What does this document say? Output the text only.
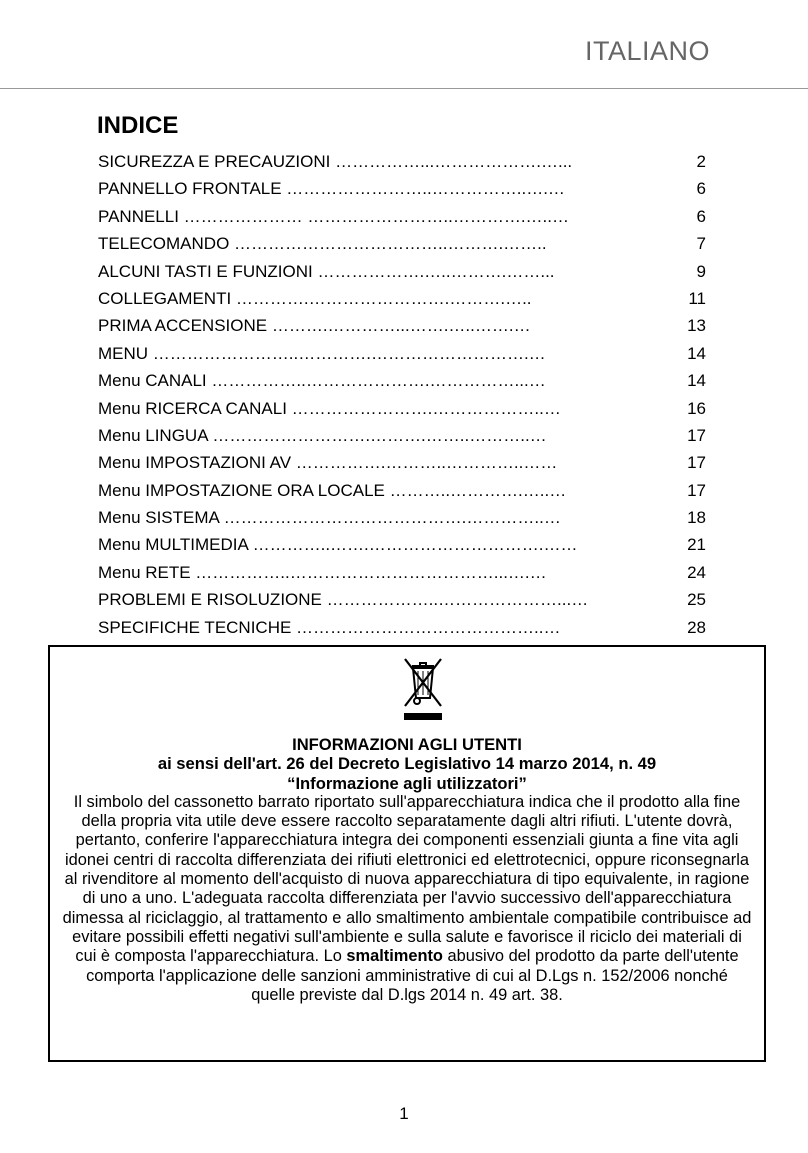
ITALIANO
INDICE
SICUREZZA E PRECAUZIONI ……………...……………….…...	2
PANNELLO FRONTALE ……………………..……………..….…	6
PANNELLI ………………… ……………………..………….…..…	6
TELECOMANDO ………………………………..……….……..	7
ALCUNI TASTI E FUNZIONI ……………….…..……….……...	9
COLLEGAMENTI ………….…………………….……….…..	11
PRIMA ACCENSIONE ……….…………...…….…..…….…	13
MENU ……………………..………….……………………….…	14
Menu CANALI ……………..………………….……………...…	14
Menu RICERCA CANALI …………………….………………..…	16
Menu LINGUA ……………………….……….……..………..…	17
Menu IMPOSTAZIONI AV …………….………..…………..……	17
Menu IMPOSTAZIONE ORA LOCALE ………..………….…..…	17
Menu SISTEMA …………………………………….…………..…	18
Menu MULTIMEDIA …………..…….………………………….……	21
Menu RETE ……………..………………………………...….…	24
PROBLEMI E RISOLUZIONE ………………..…………………...…	25
SPECIFICHE TECNICHE ……………………………………..…	28
INFORMAZIONI AGLI UTENTI
ai sensi dell'art. 26 del Decreto Legislativo 14 marzo 2014, n. 49
“Informazione agli utilizzatori”
Il simbolo del cassonetto barrato riportato sull'apparecchiatura indica che il prodotto alla fine della propria vita utile deve essere raccolto separatamente dagli altri rifiuti. L'utente dovrà, pertanto, conferire l'apparecchiatura integra dei componenti essenziali giunta a fine vita agli idonei centri di raccolta differenziata dei rifiuti elettronici ed elettrotecnici, oppure riconsegnarla al rivenditore al momento dell'acquisto di nuova apparecchiatura di tipo equivalente, in ragione di uno a uno. L'adeguata raccolta differenziata per l'avvio successivo dell'apparecchiatura dimessa al riciclaggio, al trattamento e allo smaltimento ambientale compatibile contribuisce ad evitare possibili effetti negativi sull'ambiente e sulla salute e favorisce il riciclo dei materiali di cui è composta l'apparecchiatura. Lo smaltimento abusivo del prodotto da parte dell'utente comporta l'applicazione delle sanzioni amministrative di cui al D.Lgs n. 152/2006 nonché quelle previste dal D.lgs 2014 n. 49 art. 38.
1
